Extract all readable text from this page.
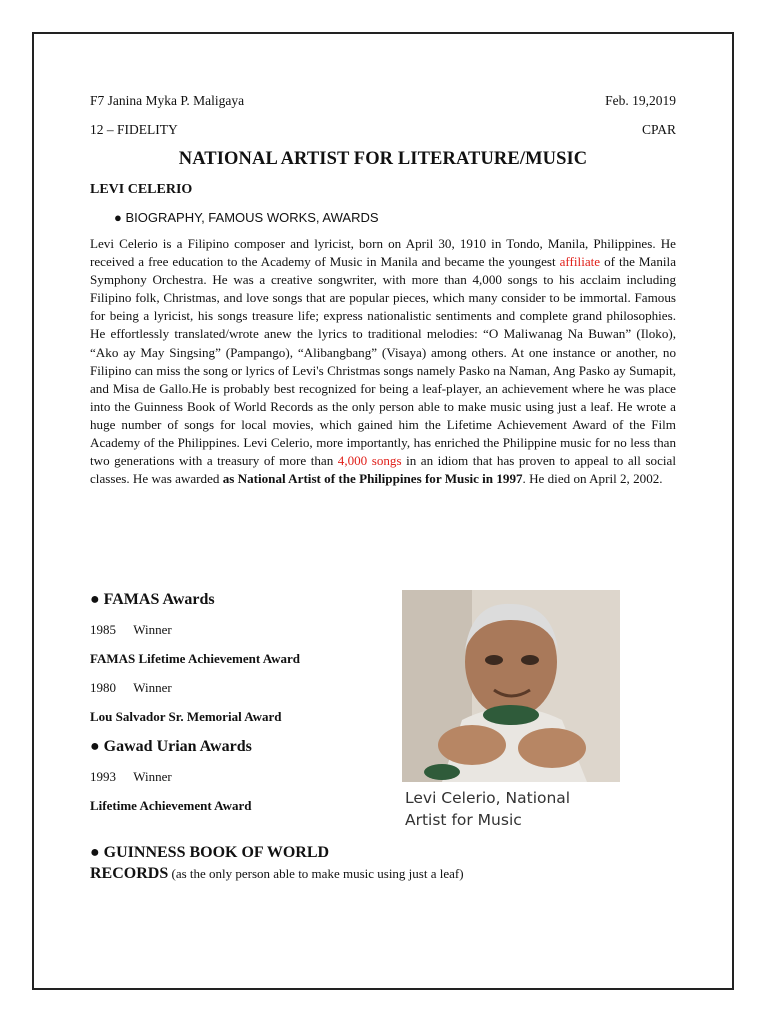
F7 Janina Myka P. Maligaya	Feb. 19,2019
12 – FIDELITY	CPAR
NATIONAL ARTIST FOR LITERATURE/MUSIC
LEVI CELERIO
● BIOGRAPHY, FAMOUS WORKS, AWARDS
Levi Celerio is a Filipino composer and lyricist, born on April 30, 1910 in Tondo, Manila, Philippines. He received a free education to the Academy of Music in Manila and became the youngest affiliate of the Manila Symphony Orchestra. He was a creative songwriter, with more than 4,000 songs to his acclaim including Filipino folk, Christmas, and love songs that are popular pieces, which many consider to be immortal. Famous for being a lyricist, his songs treasure life; express nationalistic sentiments and complete grand philosophies. He effortlessly translated/wrote anew the lyrics to traditional melodies: “O Maliwanag Na Buwan” (Iloko), “Ako ay May Singsing” (Pampango), “Alibangbang” (Visaya) among others. At one instance or another, no Filipino can miss the song or lyrics of Levi's Christmas songs namely Pasko na Naman, Ang Pasko ay Sumapit, and Misa de Gallo.He is probably best recognized for being a leaf-player, an achievement where he was place into the Guinness Book of World Records as the only person able to make music using just a leaf. He wrote a huge number of songs for local movies, which gained him the Lifetime Achievement Award of the Film Academy of the Philippines. Levi Celerio, more importantly, has enriched the Philippine music for no less than two generations with a treasury of more than 4,000 songs in an idiom that has proven to appeal to all social classes. He was awarded as National Artist of the Philippines for Music in 1997. He died on April 2, 2002.
● FAMAS Awards
1985 Winner
FAMAS Lifetime Achievement Award
1980 Winner
Lou Salvador Sr. Memorial Award
● Gawad Urian Awards
1993 Winner
Lifetime Achievement Award	Levi Celerio, National
Artist for Music
● GUINNESS BOOK OF WORLD
RECORDS (as the only person able to make music using just a leaf)
